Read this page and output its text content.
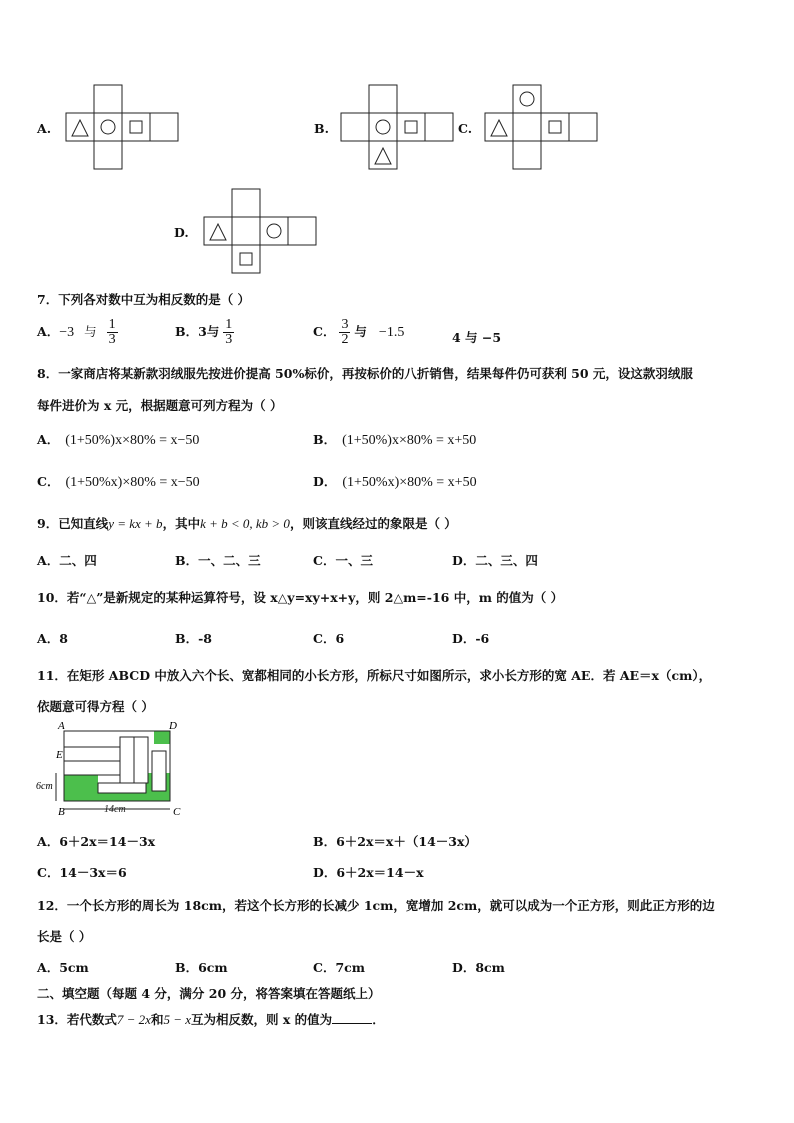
A.	B.	C.
D.
7．下列各对数中互为相反数的是（ ）
A．−3 与 $\frac{1}{3}$	B．3与 $\frac{1}{3}$	C． $\frac{3}{2}$ 与 −1.5	4 与 −5
8．一家商店将某新款羽绒服先按进价提高 50%标价，再按标价的八折销售，结果每件仍可获利 50 元，设这款羽绒服
每件进价为 x 元，根据题意可列方程为（ ）
A． (1+50%)x×80% = x−50	B． (1+50%)x×80% = x+50
C． (1+50%x)×80% = x−50	D． (1+50%x)×80% = x+50
9．已知直线y = kx + b，其中k + b < 0, kb > 0，则该直线经过的象限是（ ）
A．二、四	B．一、二、三	C．一、三	D．二、三、四
10．若“△”是新规定的某种运算符号，设 x△y=xy+x+y，则 2△m=-16 中，m 的值为（ ）
A．8	B．-8	C．6	D．-6
11．在矩形 ABCD 中放入六个长、宽都相同的小长方形，所标尺寸如图所示，求小长方形的宽 AE．若 AE＝x（cm），
依题意可得方程（ ）
A	D
E
B	C
6cm
14cm
A．6＋2x＝14－3x	B．6＋2x＝x＋（14－3x）
C．14－3x＝6	D．6＋2x＝14－x
12．一个长方形的周长为 18cm，若这个长方形的长减少 1cm，宽增加 2cm，就可以成为一个正方形，则此正方形的边
长是（ ）
A．5cm	B．6cm	C．7cm	D．8cm
二、填空题（每题 4 分，满分 20 分，将答案填在答题纸上）
13．若代数式7 − 2x和5 − x互为相反数，则 x 的值为	．
